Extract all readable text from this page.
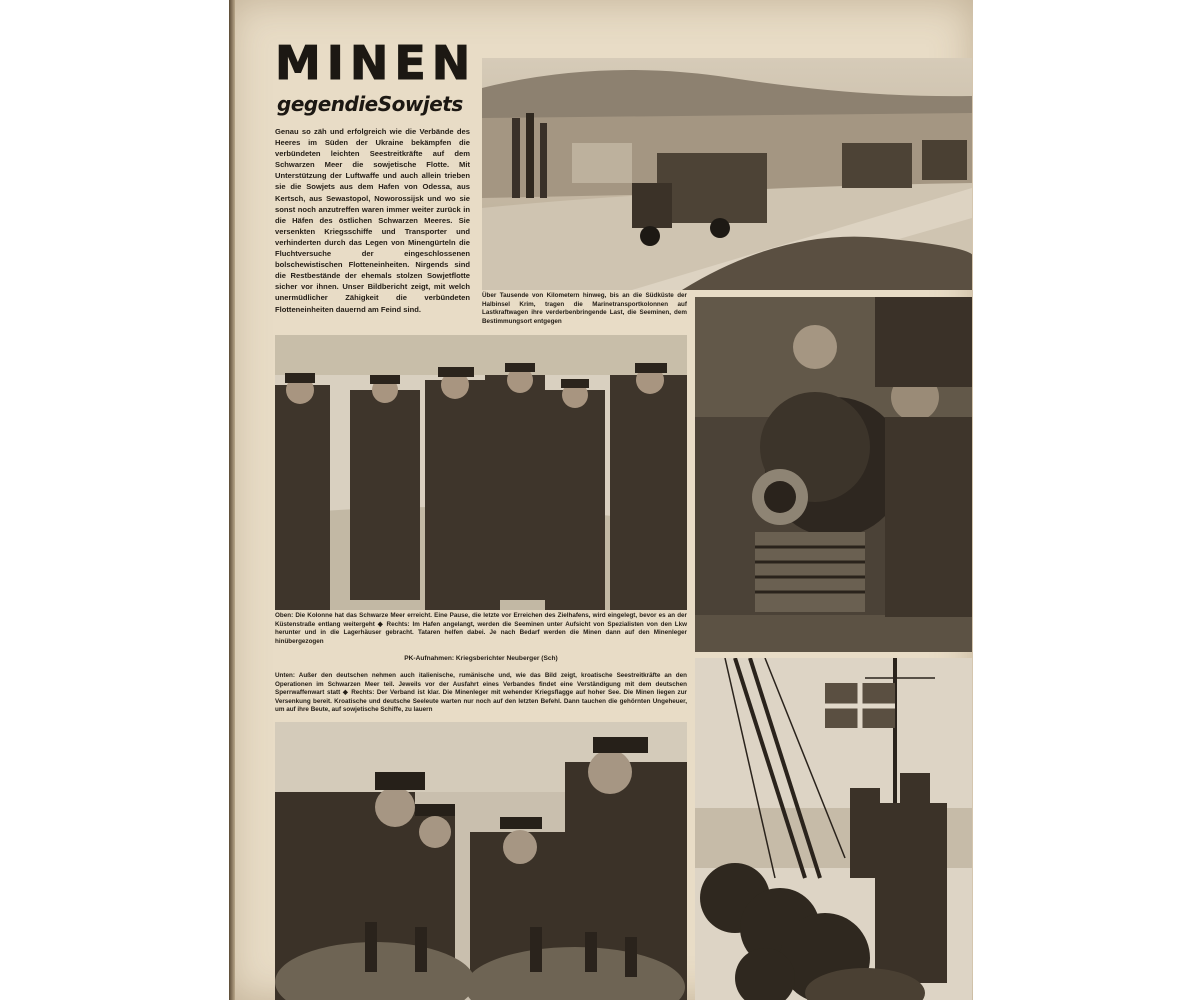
MINEN
gegendieSowjets
Genau so zäh und erfolgreich wie die Verbände des Heeres im Süden der Ukraine bekämpfen die verbündeten leichten Seestreitkräfte auf dem Schwarzen Meer die sowjetische Flotte. Mit Unterstützung der Luftwaffe und auch allein trieben sie die Sowjets aus dem Hafen von Odessa, aus Kertsch, aus Sewastopol, Noworossijsk und wo sie sonst noch anzutreffen waren immer weiter zurück in die Häfen des östlichen Schwarzen Meeres. Sie versenkten Kriegsschiffe und Transporter und verhinderten durch das Legen von Minengürteln die Fluchtversuche der eingeschlossenen bolschewistischen Flotteneinheiten. Nirgends sind die Restbestände der ehemals stolzen Sowjetflotte sicher vor ihnen. Unser Bildbericht zeigt, mit welch unermüdlicher Zähigkeit die verbündeten Flotteneinheiten dauernd am Feind sind.
Über Tausende von Kilometern hinweg, bis an die Südküste der Halbinsel Krim, tragen die Marinetransportkolonnen auf Lastkraftwagen ihre verderbenbringende Last, die Seeminen, dem Bestimmungsort entgegen
Oben: Die Kolonne hat das Schwarze Meer erreicht. Eine Pause, die letzte vor Erreichen des Zielhafens, wird eingelegt, bevor es an der Küstenstraße entlang weitergeht ◆ Rechts: Im Hafen angelangt, werden die Seeminen unter Aufsicht von Spezialisten von den Lkw herunter und in die Lagerhäuser gebracht. Tataren helfen dabei. Je nach Bedarf werden die Minen dann auf den Minenleger hinübergezogen
PK-Aufnahmen: Kriegsberichter Neuberger (Sch)
Unten: Außer den deutschen nehmen auch italienische, rumänische und, wie das Bild zeigt, kroatische Seestreitkräfte an den Operationen im Schwarzen Meer teil. Jeweils vor der Ausfahrt eines Verbandes findet eine Verständigung mit dem deutschen Sperrwaffenwart statt ◆ Rechts: Der Verband ist klar. Die Minenleger mit wehender Kriegsflagge auf hoher See. Die Minen liegen zur Versenkung bereit. Kroatische und deutsche Seeleute warten nur noch auf den letzten Befehl. Dann tauchen die gehörnten Ungeheuer, um auf ihre Beute, auf sowjetische Schiffe, zu lauern
